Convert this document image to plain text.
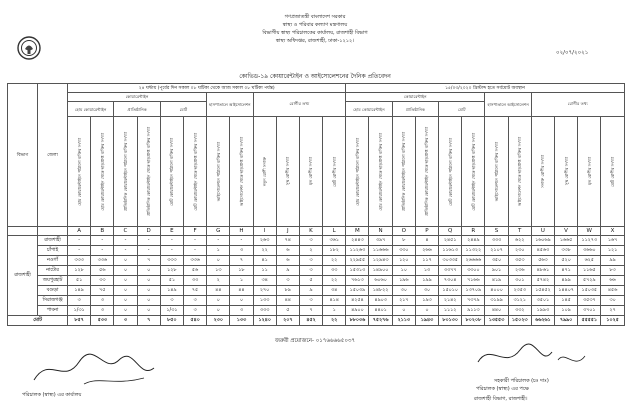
গণপ্রজাতন্ত্রী বাংলাদেশ সরকার
স্বাস্থ্য ও পরিবার কল্যাণ মন্ত্রণালয়
বিভাগীয় স্বাস্থ্য পরিচালকের কার্যালয়, রাজশাহী বিভাগ
স্বাস্থ্য অধিদপ্তর, রাজশাহী, ঢাকা-১২১২।
০২/০৭/২০২১
কোভিড-১৯ কোয়ারেন্টাইন ও আইসোলেশনের দৈনিক প্রতিবেদন
বিভাগ	জেলা	২৪ ঘন্টায় (পূর্বের দিন সকাল ০৮ ঘটিকা থেকে আজ সকাল ০৮ ঘটিকা পর্যন্ত)												১৫/০৩/২০২০ খ্রিস্টাব্দ হতে সর্বমোট অবস্থান											
		কোয়ারেন্টাইন						হাসপাতালে আইসোলেশন		রোগীর তথ্য				কোয়ারেন্টাইন						হাসপাতালে আইসোলেশন		রোগীর তথ্য			
		হোম কোয়ারেন্টাইন		প্রাতিষ্ঠানিক		মোট								হোম কোয়ারেন্টাইন		প্রাতিষ্ঠানিক		মোট							

		হোম কোয়ারেন্টাইনে পাঠানো ব্যক্তির সংখ্যা	হোম কোয়ারেন্টাইন থেকে ছাড়প্রাপ্ত ব্যক্তির সংখ্যা	প্রাতিষ্ঠানিক কোয়ারেন্টাইনে পাঠানো ব্যক্তির সংখ্যা	প্রাতিষ্ঠানিক কোয়ারেন্টাইন থেকে ছাড়প্রাপ্ত ব্যক্তির সংখ্যা	মোট কোয়ারেন্টাইনে পাঠানো ব্যক্তির সংখ্যা	মোট কোয়ারেন্টাইন থেকে ছাড়প্রাপ্ত ব্যক্তির সংখ্যা	আইসোলেশনে পাঠানো ব্যক্তির সংখ্যা	আইসোলেশন থেকে ছাড়প্রাপ্ত ব্যক্তির সংখ্যা	নতুন রোগী সনাক্ত	সুস্থ রোগীর সংখ্যা	মৃত রোগীর সংখ্যা	মোট রোগীর সংখ্যা	হোম কোয়ারেন্টাইনে পাঠানো ব্যক্তির সংখ্যা	হোম কোয়ারেন্টাইন থেকে ছাড়প্রাপ্ত ব্যক্তির সংখ্যা	প্রাতিষ্ঠানিক কোয়ারেন্টাইনে পাঠানো ব্যক্তির সংখ্যা	প্রাতিষ্ঠানিক কোয়ারেন্টাইন থেকে ছাড়প্রাপ্ত ব্যক্তির সংখ্যা	মোট কোয়ারেন্টাইনে পাঠানো ব্যক্তির সংখ্যা	মোট কোয়ারেন্টাইন থেকে ছাড়প্রাপ্ত ব্যক্তির সংখ্যা	আইসোলেশনে পাঠানো ব্যক্তির সংখ্যা	আইসোলেশন থেকে ছাড়প্রাপ্ত ব্যক্তির সংখ্যা	সনাক্ত রোগীর সংখ্যা	সুস্থ রোগীর সংখ্যা	মৃত রোগীর সংখ্যা	মোট রোগীর সংখ্যা

		A	B	C	D	E	F	G	H	I	J	K	L	M	N	O	P	Q	R	S	T	U	V	W	X
রাজশাহী	রাজশাহী	-	-	-	-	-	-	-	-	২৬৩	৭৪	৩	৩৬১	২৪৪৩	৩৯৭	৮	৪	২৪৫১	২৪৪৯	৩৩৩	৬২২	১৬০৬৯	১৬৬৫	১১২৭৩	১৬৭
	চাঁপাই	-	-	-	-	-	-	১	৩	২২	৬	২	১৮২	১১২৬৩	১১৬৬৬	৩৩০	২৬৬	১১৬১৩	১১৩২২	২১০৭	২৩০	৪৫৬৩	৩৩৮	৩৬৬০	১২১
	নওগাঁ	৩৩৩	৩৩৬	০	৭	৩৩৩	৩৩৬	০	৭	৪১	৬	৩	২২	২২৯৫৫	১২৯৪৩	১২০	১১৭	৩০৩৩৫	২৬৬৬৬	৩৫০	৩৫৩	৫৬৩	৫২০	৬২৫	৯৯
	নাটোর	১২৮	৫৬	০	০	১২৮	৫৬	১৩	১৮	১১	৯	৩	৩৩	১৫৩১৩	১৪৯০০	১০	১৩	৩৩৭৭	৩৩০০	৯০১	২৩৬	৪৮৬১	৪৭১	১১৬৫	৮৩
	জয়পুরহাট	৫১	৩৩	০	০	৫১	৩৩	২	১	৩৪	৩	৫	২২	৭৬১৩	৬০৬০	১৯৬	১৯৯	৭৩০৪	৭১৬৬	৪১৯	৩০১	৫৭৪২	৪৯৯	৫৭২৯	৬৬
	বগুড়া	১৪৯	৭৫	০	০	১৪৯	৭৫	৪৪	৪৪	২৭০	৮৯	৯	৩৪	১৫০৩৯	১৪৮২২	৩০	৩০	১৫০১০	১৩৭০৯	৪০০০	২৩৫৩	১৫৪৫২	১৪৪০৭	১৫০৩৫	৪৫৬
	সিরাজগঞ্জ	৩	৩	০	০	৩	৩	০	০	১৩৩	৪৪	৩	৪১৪	৪২৫৪	৪৯০৩	২১৭	১৯৩	২১৪২	৭৩৭৯	৩১৯৯	৩১২১	৩৫০১	১৪৫	৩৫৩৭	৩০
	পাবনা	১/৩১	৩	০	০	১/৩১	৩	০	৩	৩৩৩	৫	৭	১	৪৯০০	৪৪০১	০	০	১১১২	৯১১৩	৪৪০	৩৩২	১৯৯৩	১০৯	৩৭০১	২৭
মোট		৮৫৭	৫৩৩	৩	৭	৮৫০	৫৪০	২৩০	১৩৩	১২৪০	২০৭	৪৫২	২২	৮৮০৩৬	৭৫২৭৬	২১১৩	১৯৪৩	৮০১৩০	৮০২০৮	১৩৫৫৩	১৫০২৩	৬৬২৬১	৭৯৯০	৫৫৫৫১	১০২৫
জরুরী প্রয়োজনে- ০১৭৬৬৬৬৫০৩৭
পরিচালক (স্বাস্থ্য) এর কার্যালয়
সহকারী পরিচালক (চঃ দাঃ)
পরিচালক (স্বাস্থ্য) এর পক্ষে
রাজশাহী বিভাগ, রাজশাহী।
